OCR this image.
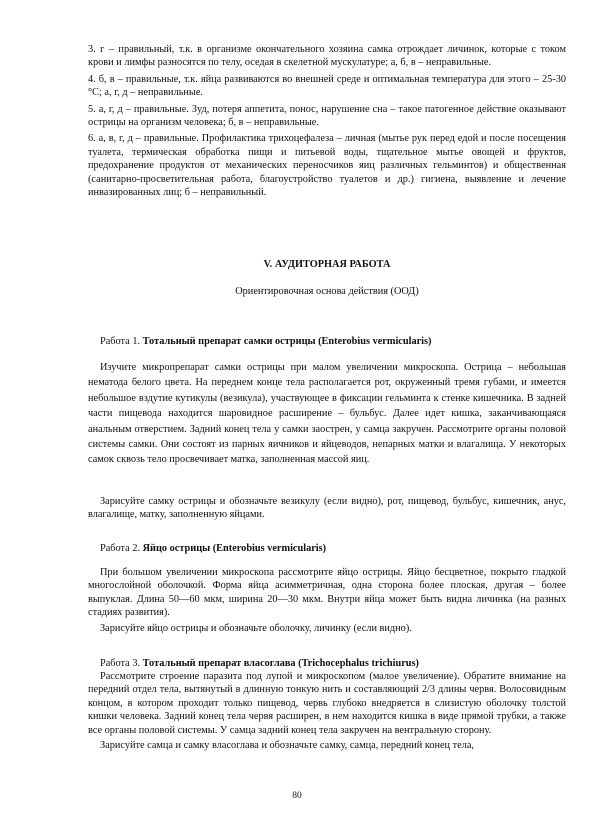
3. г – правильный, т.к. в организме окончательного хозяина самка отрождает личинок, которые с током крови и лимфы разносятся по телу, оседая в скелетной мускулатуре; а, б, в – неправильные.

4. б, в – правильные, т.к. яйца развиваются во внешней среде и оптимальная температура для этого – 25-30 °С; а, г, д – неправильные.

5. а, г, д – правильные. Зуд, потеря аппетита, понос, нарушение сна – такое патогенное действие оказывают острицы на организм человека; б, в – неправильные.

6. а, в, г, д – правильные. Профилактика трихоцефалеза – личная (мытье рук перед едой и после посещения туалета, термическая обработка пищи и питьевой воды, тщательное мытье овощей и фруктов, предохранение продуктов от механических переносчиков яиц различных гельминтов) и общественная (санитарно-просветительная работа, благоустройство туалетов и др.) гигиена, выявление и лечение инвазированных лиц; б – неправильный.

V. АУДИТОРНАЯ РАБОТА

Ориентировочная основа действия (ООД)

Работа 1. Тотальный препарат самки острицы (Enterobius vermicularis)

Изучите микропрепарат самки острицы при малом увеличении микроскопа. Острица – небольшая нематода белого цвета. На переднем конце тела располагается рот, окруженный тремя губами, и имеется небольшое вздутие кутикулы (везикула), участвующее в фиксации гельминта к стенке кишечника. В задней части пищевода находится шаровидное расширение – бульбус. Далее идет кишка, заканчивающаяся анальным отверстием. Задний конец тела у самки заострен, у самца закручен. Рассмотрите органы половой системы самки. Они состоят из парных яичников и яйцеводов, непарных матки и влагалища. У некоторых самок сквозь тело просвечивает матка, заполненная массой яиц.

Зарисуйте самку острицы и обозначьте везикулу (если видно), рот, пищевод, бульбус, кишечник, анус, влагалище, матку, заполненную яйцами.

Работа 2. Яйцо острицы (Enterobius vermicularis)

При большом увеличении микроскопа рассмотрите яйцо острицы. Яйцо бесцветное, покрыто гладкой многослойной оболочкой. Форма яйца асимметричная, одна сторона более плоская, другая – более выпуклая. Длина 50—60 мкм, ширина 20—30 мкм. Внутри яйца может быть видна личинка (на разных стадиях развития).

Зарисуйте яйцо острицы и обозначьте оболочку, личинку (если видно).

Работа 3. Тотальный препарат власоглава (Trichocephalus trichiurus)

Рассмотрите строение паразита под лупой и микроскопом (малое увеличение). Обратите внимание на передний отдел тела, вытянутый в длинную тонкую нить и составляющий 2/3 длины червя. Волосовидным концом, в котором проходит только пищевод, червь глубоко внедряется в слизистую оболочку толстой кишки человека. Задний конец тела червя расширен, в нем находится кишка в виде прямой трубки, а также все органы половой системы. У самца задний конец тела закручен на вентральную сторону.

Зарисуйте самца и самку власоглава и обозначьте самку, самца, передний конец тела,

80
